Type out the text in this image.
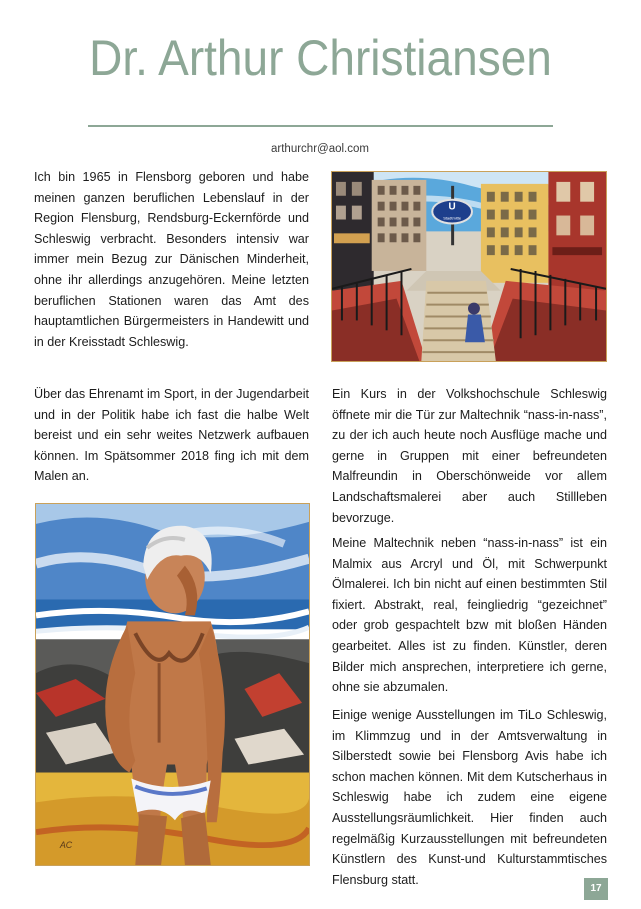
Dr. Arthur Christiansen
arthurchr@aol.com
Ich bin 1965 in Flensborg geboren und habe meinen ganzen beruflichen Lebenslauf in der Region Flensburg, Rendsburg-Eckernförde und Schleswig verbracht. Besonders intensiv war immer mein Bezug zur Dänischen Minderheit, ohne ihr allerdings anzugehören. Meine letzten beruflichen Stationen waren das Amt des hauptamtlichen Bürgermeisters in Handewitt und in der Kreisstadt Schleswig.
Über das Ehrenamt im Sport, in der Jugendarbeit und in der Politik habe ich fast die halbe Welt bereist und ein sehr weites Netzwerk aufbauen können. Im Spätsommer 2018 fing ich mit dem Malen an.
Ein Kurs in der Volkshochschule Schleswig öffnete mir die Tür zur Maltechnik “nass-in-nass”, zu der ich auch heute noch Ausflüge mache und gerne in Gruppen mit einer befreundeten Malfreundin in Oberschönweide vor allem Landschaftsmalerei aber auch Stillleben bevorzuge.
Meine Maltechnik neben “nass-in-nass” ist ein Malmix aus Arcryl und Öl, mit Schwerpunkt Ölmalerei. Ich bin nicht auf einen bestimmten Stil fixiert. Abstrakt, real, feingliedrig “gezeichnet” oder grob gespachtelt bzw mit bloßen Händen gearbeitet. Alles ist zu finden. Künstler, deren Bilder mich ansprechen, interpretiere ich gerne, ohne sie abzumalen.
Einige wenige Ausstellungen im TiLo Schleswig, im Klimmzug und in der Amtsverwaltung in Silberstedt sowie bei Flensborg Avis habe ich schon machen können. Mit dem Kutscherhaus in Schleswig habe ich zudem eine eigene Ausstellungsräumlichkeit. Hier finden auch regelmäßig Kurzausstellungen mit befreundeten Künstlern des Kunst-und Kulturstammtisches Flensburg statt.
U
Stadtmitte
AC
17
